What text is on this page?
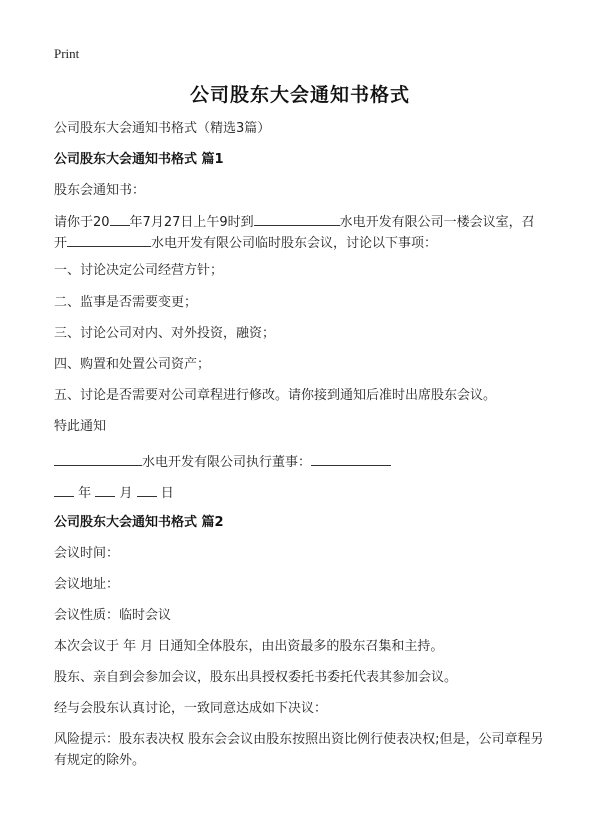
Print
公司股东大会通知书格式
公司股东大会通知书格式（精选3篇）
公司股东大会通知书格式 篇1
股东会通知书：
请你于20 年7月27日上午9时到	水电开发有限公司一楼会议室，召
开	水电开发有限公司临时股东会议，讨论以下事项：
一、讨论决定公司经营方针；
二、监事是否需要变更；
三、讨论公司对内、对外投资，融资；
四、购置和处置公司资产；
五、讨论是否需要对公司章程进行修改。请你接到通知后准时出席股东会议。
特此通知
水电开发有限公司执行董事：
年 月 日
公司股东大会通知书格式 篇2
会议时间：
会议地址：
会议性质：临时会议
本次会议于 年 月 日通知全体股东，由出资最多的股东召集和主持。
股东、亲自到会参加会议，股东出具授权委托书委托代表其参加会议。
经与会股东认真讨论，一致同意达成如下决议：
风险提示：股东表决权 股东会会议由股东按照出资比例行使表决权;但是，公司章程另有规定的除外。
